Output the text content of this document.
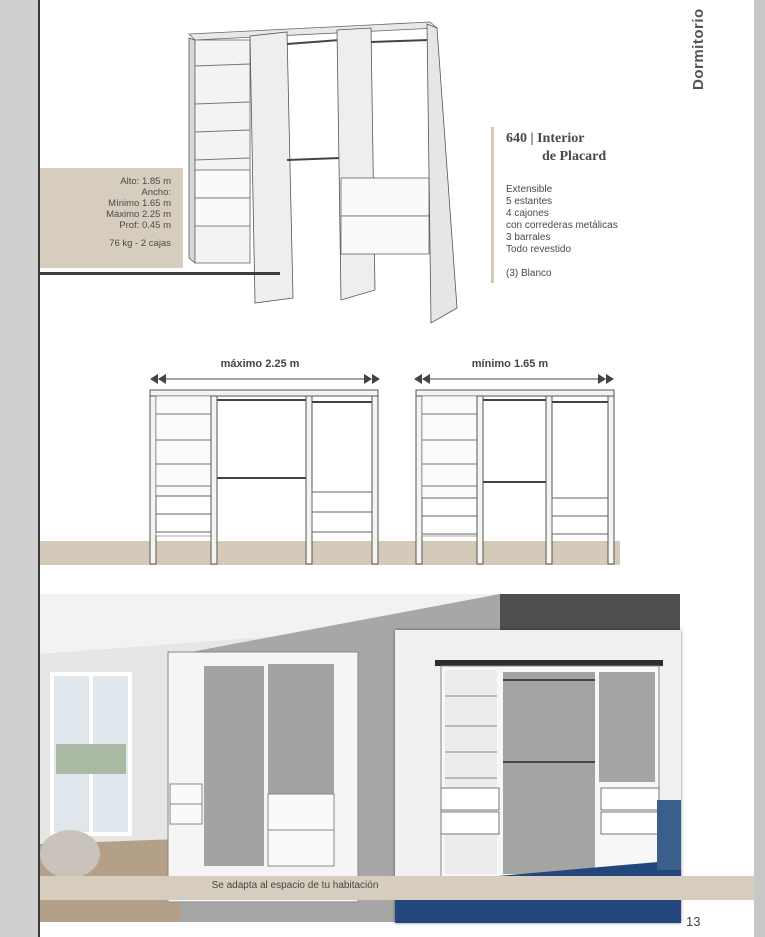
Dormitorio
Alto: 1.85 m
Ancho:
Mínimo 1.65 m
Máximo 2.25 m
Prof: 0.45 m
76 kg - 2 cajas
640 | Interior
de Placard
Extensible
5 estantes
4 cajones
con correderas metálicas
3 barrales
Todo revestido
(3) Blanco
máximo 2.25 m	mínimo 1.65 m
Se adapta al espacio de tu habitación
13
